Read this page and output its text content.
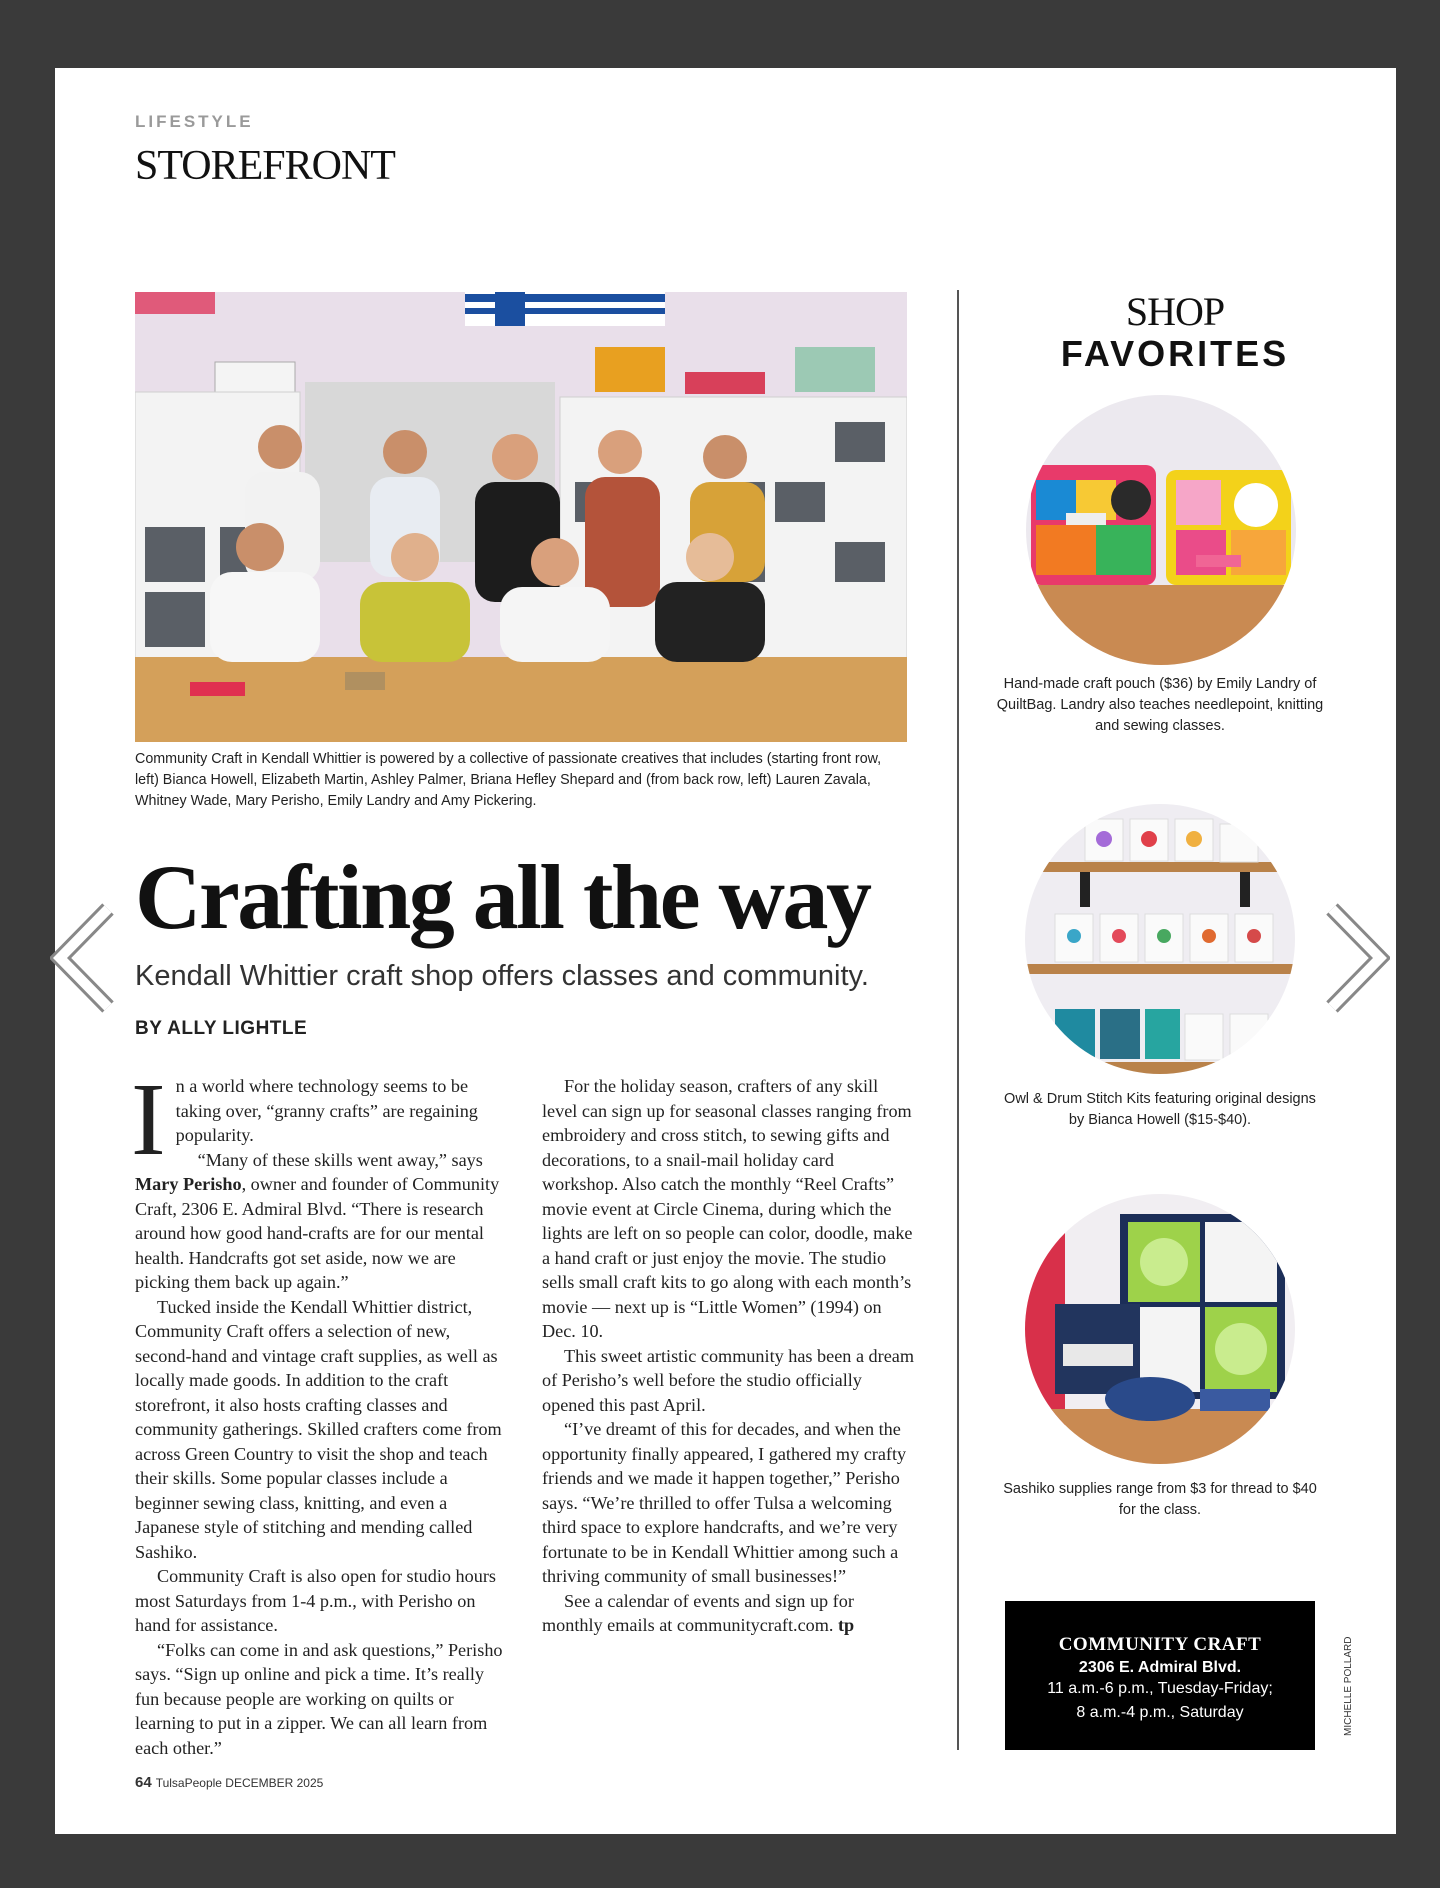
LIFESTYLE
STOREFRONT
Community Craft in Kendall Whittier is powered by a collective of passionate creatives that includes (starting front row, left) Bianca Howell, Elizabeth Martin, Ashley Palmer, Briana Hefley Shepard and (from back row, left) Lauren Zavala, Whitney Wade, Mary Perisho, Emily Landry and Amy Pickering.
Crafting all the way
Kendall Whittier craft shop offers classes and community.
BY ALLY LIGHTLE

In a world where technology seems to be taking over, “granny crafts” are regaining popularity.

“Many of these skills went away,” says Mary Perisho, owner and founder of Community Craft, 2306 E. Admiral Blvd. “There is research around how good hand-crafts are for our mental health. Handcrafts got set aside, now we are picking them back up again.”

Tucked inside the Kendall Whittier district, Community Craft offers a selection of new, second-hand and vintage craft supplies, as well as locally made goods. In addition to the craft storefront, it also hosts crafting classes and community gatherings. Skilled crafters come from across Green Country to visit the shop and teach their skills. Some popular classes include a beginner sewing class, knitting, and even a Japanese style of stitching and mending called Sashiko.

Community Craft is also open for studio hours most Saturdays from 1-4 p.m., with Perisho on hand for assistance.

“Folks can come in and ask questions,” Perisho says. “Sign up online and pick a time. It’s really fun because people are working on quilts or learning to put in a zipper. We can all learn from each other.”

For the holiday season, crafters of any skill level can sign up for seasonal classes ranging from embroidery and cross stitch, to sewing gifts and decorations, to a snail-mail holiday card workshop. Also catch the monthly “Reel Crafts” movie event at Circle Cinema, during which the lights are left on so people can color, doodle, make a hand craft or just enjoy the movie. The studio sells small craft kits to go along with each month’s movie — next up is “Little Women” (1994) on Dec. 10.

This sweet artistic community has been a dream of Perisho’s well before the studio officially opened this past April.

“I’ve dreamt of this for decades, and when the opportunity finally appeared, I gathered my crafty friends and we made it happen together,” Perisho says. “We’re thrilled to offer Tulsa a welcoming third space to explore handcrafts, and we’re very fortunate to be in Kendall Whittier among such a thriving community of small businesses!”

See a calendar of events and sign up for monthly emails at communitycraft.com. tp

64 TulsaPeople DECEMBER 2025
SHOP
FAVORITES
Hand-made craft pouch ($36) by Emily Landry of QuiltBag. Landry also teaches needlepoint, knitting and sewing classes.
Owl & Drum Stitch Kits featuring original designs by Bianca Howell ($15-$40).
Sashiko supplies range from $3 for thread to $40 for the class.
COMMUNITY CRAFT
2306 E. Admiral Blvd.
11 a.m.-6 p.m., Tuesday-Friday;
8 a.m.-4 p.m., Saturday	MICHELLE POLLARD
